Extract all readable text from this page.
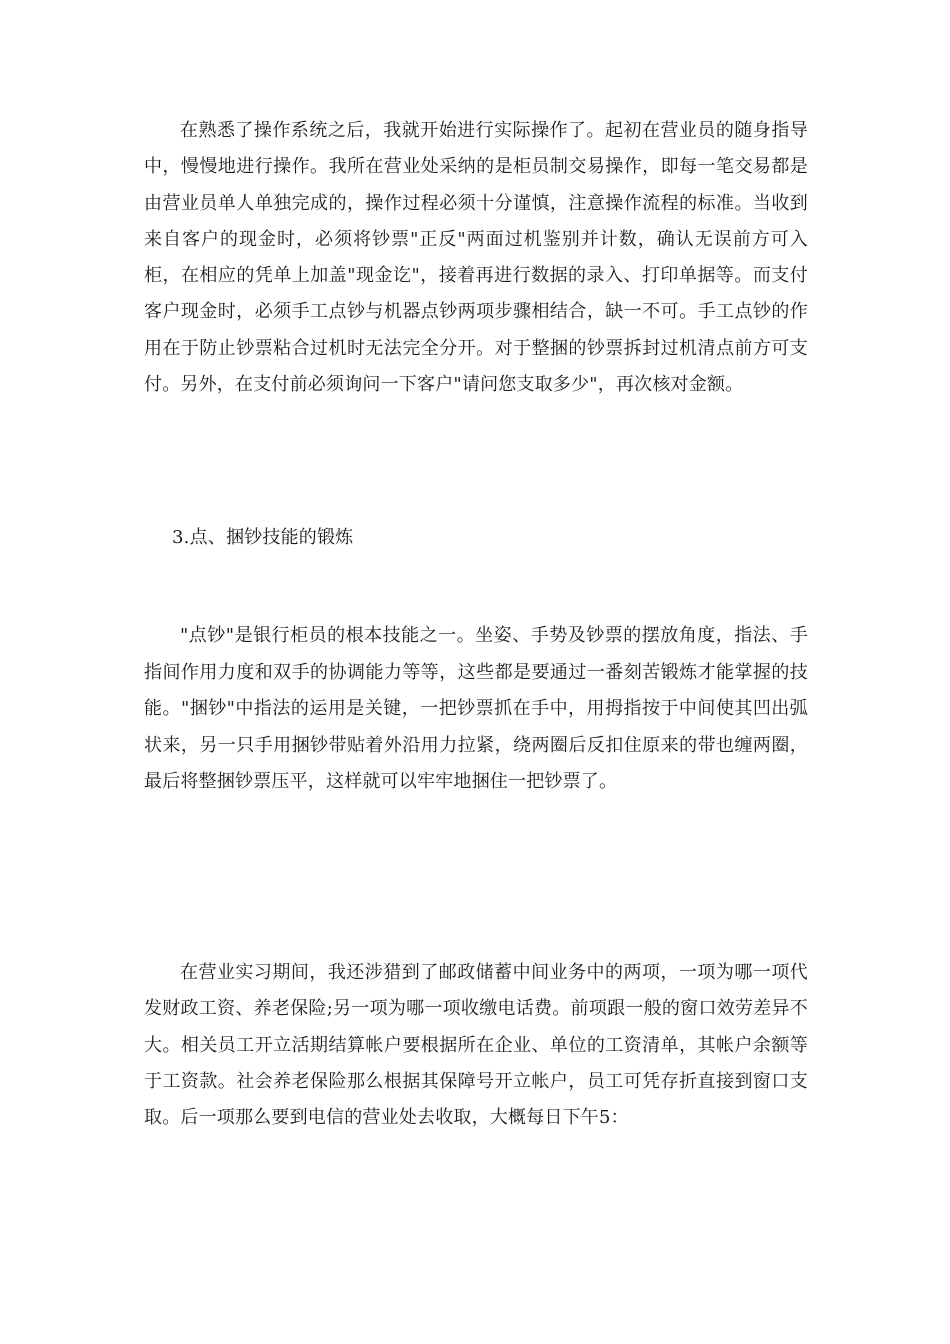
在熟悉了操作系统之后，我就开始进行实际操作了。起初在营业员的随身指导中，慢慢地进行操作。我所在营业处采纳的是柜员制交易操作，即每一笔交易都是由营业员单人单独完成的，操作过程必须十分谨慎，注意操作流程的标准。当收到来自客户的现金时，必须将钞票"正反"两面过机鉴别并计数，确认无误前方可入柜，在相应的凭单上加盖"现金讫"，接着再进行数据的录入、打印单据等。而支付客户现金时，必须手工点钞与机器点钞两项步骤相结合，缺一不可。手工点钞的作用在于防止钞票粘合过机时无法完全分开。对于整捆的钞票拆封过机清点前方可支付。另外，在支付前必须询问一下客户"请问您支取多少"，再次核对金额。

3.点、捆钞技能的锻炼

"点钞"是银行柜员的根本技能之一。坐姿、手势及钞票的摆放角度，指法、手指间作用力度和双手的协调能力等等，这些都是要通过一番刻苦锻炼才能掌握的技能。"捆钞"中指法的运用是关键，一把钞票抓在手中，用拇指按于中间使其凹出弧状来，另一只手用捆钞带贴着外沿用力拉紧，绕两圈后反扣住原来的带也缠两圈，最后将整捆钞票压平，这样就可以牢牢地捆住一把钞票了。

在营业实习期间，我还涉猎到了邮政储蓄中间业务中的两项，一项为哪一项代发财政工资、养老保险;另一项为哪一项收缴电话费。前项跟一般的窗口效劳差异不大。相关员工开立活期结算帐户要根据所在企业、单位的工资清单，其帐户余额等于工资款。社会养老保险那么根据其保障号开立帐户，员工可凭存折直接到窗口支取。后一项那么要到电信的营业处去收取，大概每日下午5：
